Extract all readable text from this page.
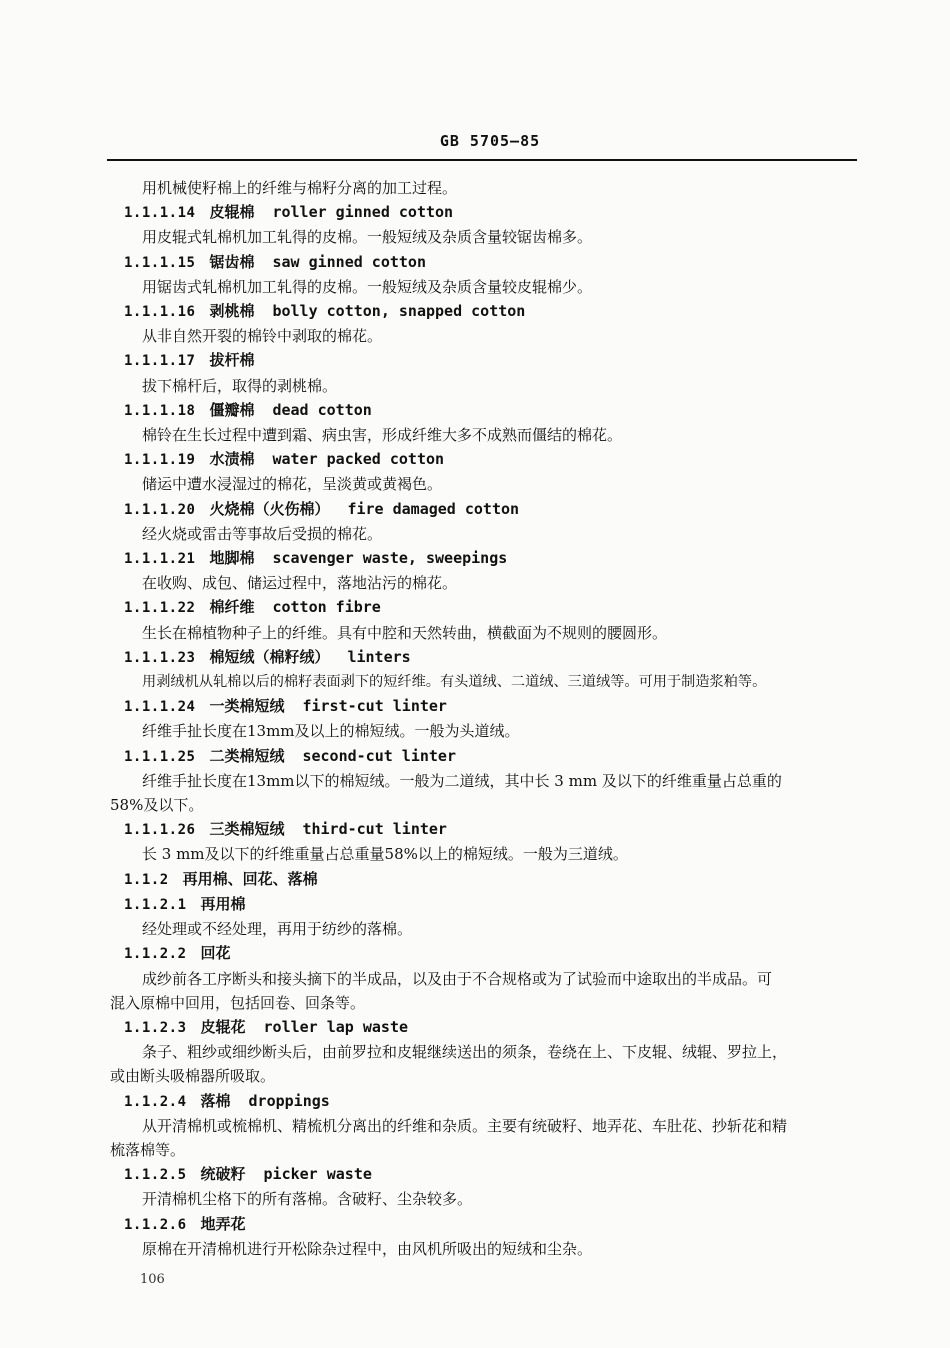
GB 5705—85
用机械使籽棉上的纤维与棉籽分离的加工过程。
1.1.1.14 皮辊棉 roller ginned cotton
用皮辊式轧棉机加工轧得的皮棉。一般短绒及杂质含量较锯齿棉多。
1.1.1.15 锯齿棉 saw ginned cotton
用锯齿式轧棉机加工轧得的皮棉。一般短绒及杂质含量较皮辊棉少。
1.1.1.16 剥桃棉 bolly cotton, snapped cotton
从非自然开裂的棉铃中剥取的棉花。
1.1.1.17 拔杆棉
拔下棉杆后，取得的剥桃棉。
1.1.1.18 僵瓣棉 dead cotton
棉铃在生长过程中遭到霜、病虫害，形成纤维大多不成熟而僵结的棉花。
1.1.1.19 水渍棉 water packed cotton
储运中遭水浸湿过的棉花，呈淡黄或黄褐色。
1.1.1.20 火烧棉（火伤棉） fire damaged cotton
经火烧或雷击等事故后受损的棉花。
1.1.1.21 地脚棉 scavenger waste, sweepings
在收购、成包、储运过程中，落地沾污的棉花。
1.1.1.22 棉纤维 cotton fibre
生长在棉植物种子上的纤维。具有中腔和天然转曲，横截面为不规则的腰圆形。
1.1.1.23 棉短绒（棉籽绒） linters
用剥绒机从轧棉以后的棉籽表面剥下的短纤维。有头道绒、二道绒、三道绒等。可用于制造浆粕等。
1.1.1.24 一类棉短绒 first-cut linter
纤维手扯长度在13mm及以上的棉短绒。一般为头道绒。
1.1.1.25 二类棉短绒 second-cut linter
纤维手扯长度在13mm以下的棉短绒。一般为二道绒，其中长 3 mm 及以下的纤维重量占总重的
58%及以下。
1.1.1.26 三类棉短绒 third-cut linter
长 3 mm及以下的纤维重量占总重量58%以上的棉短绒。一般为三道绒。
1.1.2 再用棉、回花、落棉
1.1.2.1 再用棉
经处理或不经处理，再用于纺纱的落棉。
1.1.2.2 回花
成纱前各工序断头和接头摘下的半成品，以及由于不合规格或为了试验而中途取出的半成品。可
混入原棉中回用，包括回卷、回条等。
1.1.2.3 皮辊花 roller lap waste
条子、粗纱或细纱断头后，由前罗拉和皮辊继续送出的须条，卷绕在上、下皮辊、绒辊、罗拉上，
或由断头吸棉器所吸取。
1.1.2.4 落棉 droppings
从开清棉机或梳棉机、精梳机分离出的纤维和杂质。主要有统破籽、地弄花、车肚花、抄斩花和精
梳落棉等。
1.1.2.5 统破籽 picker waste
开清棉机尘格下的所有落棉。含破籽、尘杂较多。
1.1.2.6 地弄花
原棉在开清棉机进行开松除杂过程中，由风机所吸出的短绒和尘杂。
106
